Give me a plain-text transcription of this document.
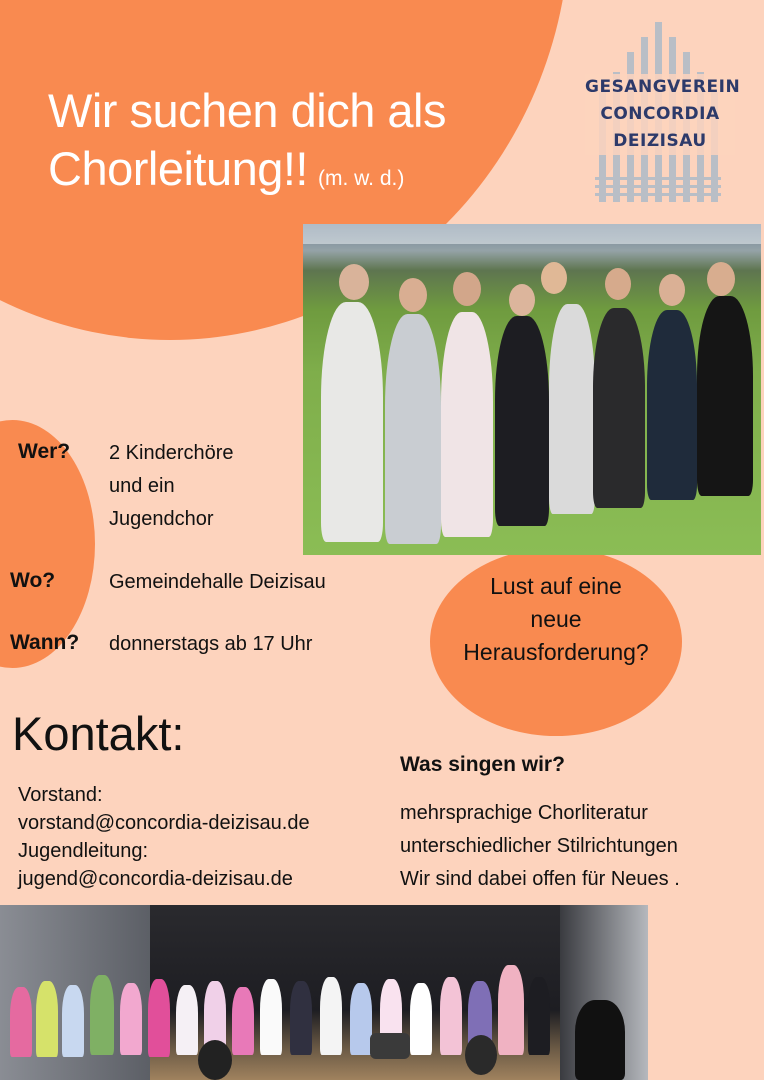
Wir suchen dich als
Chorleitung!! (m. w. d.)
GESANGVEREIN
CONCORDIA
DEIZISAU
Wer? 2 Kinderchöre
und ein
Jugendchor
Wo?	Gemeindehalle Deizisau
Wann? donnerstags ab 17 Uhr
Lust auf eine
neue
Herausforderung?
Kontakt:
Vorstand:
vorstand@concordia-deizisau.de
Jugendleitung:
jugend@concordia-deizisau.de
Was singen wir?
mehrsprachige Chorliteratur
unterschiedlicher Stilrichtungen
Wir sind dabei offen für Neues .
